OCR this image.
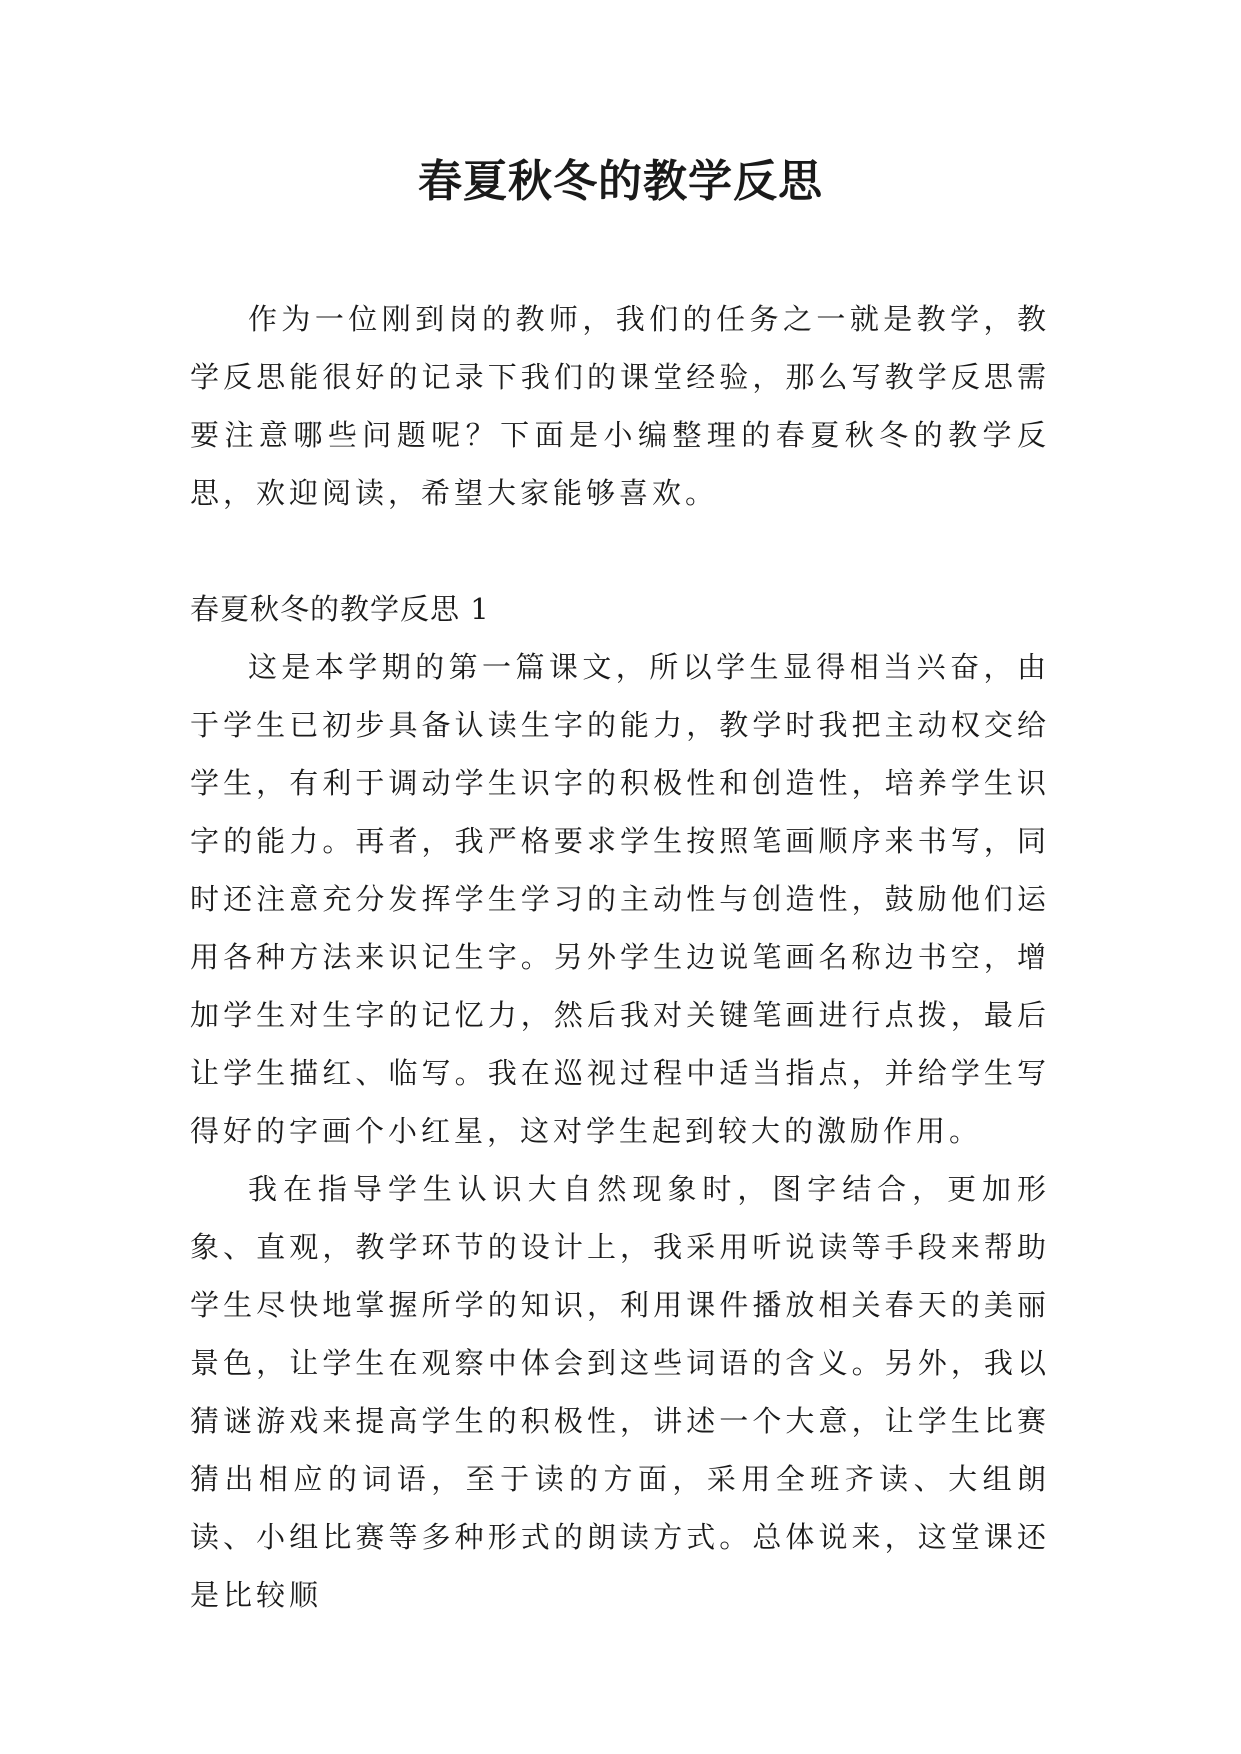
春夏秋冬的教学反思

作为一位刚到岗的教师，我们的任务之一就是教学，教学反思能很好的记录下我们的课堂经验，那么写教学反思需要注意哪些问题呢？下面是小编整理的春夏秋冬的教学反思，欢迎阅读，希望大家能够喜欢。

春夏秋冬的教学反思 1

这是本学期的第一篇课文，所以学生显得相当兴奋，由于学生已初步具备认读生字的能力，教学时我把主动权交给学生，有利于调动学生识字的积极性和创造性，培养学生识字的能力。再者，我严格要求学生按照笔画顺序来书写，同时还注意充分发挥学生学习的主动性与创造性，鼓励他们运用各种方法来识记生字。另外学生边说笔画名称边书空，增加学生对生字的记忆力，然后我对关键笔画进行点拨，最后让学生描红、临写。我在巡视过程中适当指点，并给学生写得好的字画个小红星，这对学生起到较大的激励作用。

我在指导学生认识大自然现象时，图字结合，更加形象、直观，教学环节的设计上，我采用听说读等手段来帮助学生尽快地掌握所学的知识，利用课件播放相关春天的美丽景色，让学生在观察中体会到这些词语的含义。另外，我以猜谜游戏来提高学生的积极性，讲述一个大意，让学生比赛猜出相应的词语，至于读的方面，采用全班齐读、大组朗读、小组比赛等多种形式的朗读方式。总体说来，这堂课还是比较顺
